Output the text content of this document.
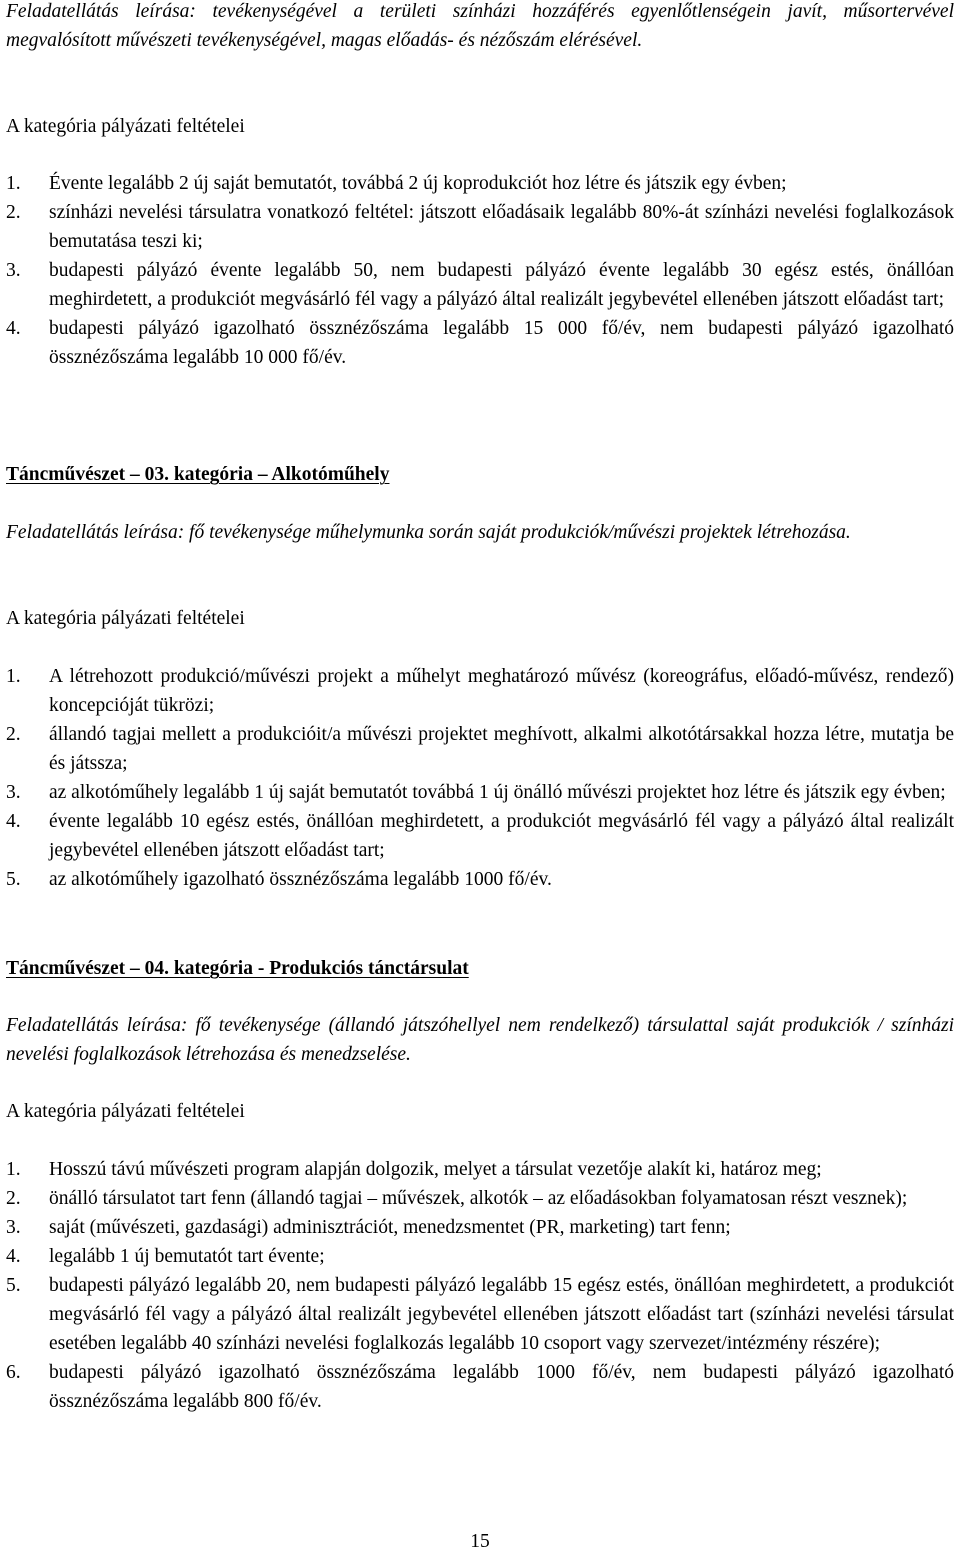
Feladatellátás leírása: tevékenységével a területi színházi hozzáférés egyenlőtlenségein javít, műsortervével megvalósított művészeti tevékenységével, magas előadás- és nézőszám elérésével.

A kategória pályázati feltételei

1. Évente legalább 2 új saját bemutatót, továbbá 2 új koprodukciót hoz létre és játszik egy évben;
2. színházi nevelési társulatra vonatkozó feltétel: játszott előadásaik legalább 80%-át színházi nevelési foglalkozások bemutatása teszi ki;
3. budapesti pályázó évente legalább 50, nem budapesti pályázó évente legalább 30 egész estés, önállóan meghirdetett, a produkciót megvásárló fél vagy a pályázó által realizált jegybevétel ellenében játszott előadást tart;
4. budapesti pályázó igazolható össznézőszáma legalább 15 000 fő/év, nem budapesti pályázó igazolható össznézőszáma legalább 10 000 fő/év.

Táncművészet – 03. kategória – Alkotóműhely

Feladatellátás leírása: fő tevékenysége műhelymunka során saját produkciók/művészi projektek létrehozása.

A kategória pályázati feltételei

1. A létrehozott produkció/művészi projekt a műhelyt meghatározó művész (koreográfus, előadó-művész, rendező) koncepcióját tükrözi;
2. állandó tagjai mellett a produkcióit/a művészi projektet meghívott, alkalmi alkotótársakkal hozza létre, mutatja be és játssza;
3. az alkotóműhely legalább 1 új saját bemutatót továbbá 1 új önálló művészi projektet hoz létre és játszik egy évben;
4. évente legalább 10 egész estés, önállóan meghirdetett, a produkciót megvásárló fél vagy a pályázó által realizált jegybevétel ellenében játszott előadást tart;
5. az alkotóműhely igazolható össznézőszáma legalább 1000 fő/év.

Táncművészet – 04. kategória - Produkciós tánctársulat

Feladatellátás leírása: fő tevékenysége (állandó játszóhellyel nem rendelkező) társulattal saját produkciók / színházi nevelési foglalkozások létrehozása és menedzselése.

A kategória pályázati feltételei

1. Hosszú távú művészeti program alapján dolgozik, melyet a társulat vezetője alakít ki, határoz meg;
2. önálló társulatot tart fenn (állandó tagjai – művészek, alkotók – az előadásokban folyamatosan részt vesznek);
3. saját (művészeti, gazdasági) adminisztrációt, menedzsmentet (PR, marketing) tart fenn;
4. legalább 1 új bemutatót tart évente;
5. budapesti pályázó legalább 20, nem budapesti pályázó legalább 15 egész estés, önállóan meghirdetett, a produkciót megvásárló fél vagy a pályázó által realizált jegybevétel ellenében játszott előadást tart (színházi nevelési társulat esetében legalább 40 színházi nevelési foglalkozás legalább 10 csoport vagy szervezet/intézmény részére);
6. budapesti pályázó igazolható össznézőszáma legalább 1000 fő/év, nem budapesti pályázó igazolható össznézőszáma legalább 800 fő/év.
15
